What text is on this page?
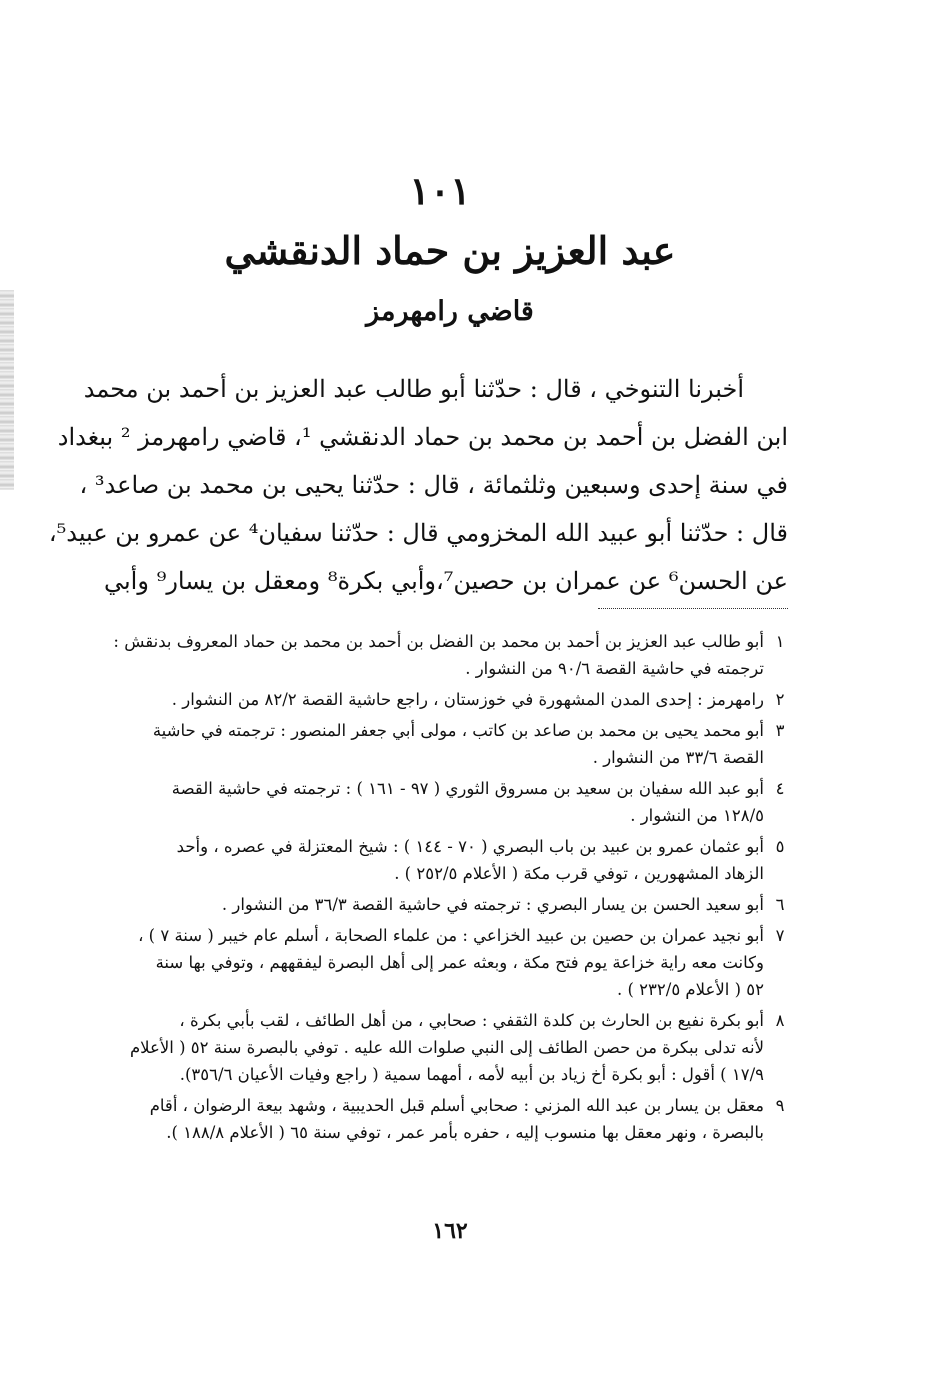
١٠١
عبد العزيز بن حماد الدنقشي
قاضي رامهرمز
أخبرنا التنوخي ، قال : حدّثنا أبو طالب عبد العزيز بن أحمد بن محمد
ابن الفضل بن أحمد بن محمد بن حماد الدنقشي ¹، قاضي رامهرمز ² ببغداد
في سنة إحدى وسبعين وثلثمائة ، قال : حدّثنا يحيى بن محمد بن صاعد³ ،
قال : حدّثنا أبو عبيد الله المخزومي قال : حدّثنا سفيان⁴ عن عمرو بن عبيد⁵،
عن الحسن⁶ عن عمران بن حصين⁷،وأبي بكرة⁸ ومعقل بن يسار⁹ وأبي
١
أبو طالب عبد العزيز بن أحمد بن محمد بن الفضل بن أحمد بن محمد بن حماد المعروف بدنقش :
ترجمته في حاشية القصة ٩٠/٦ من النشوار .
٢
رامهرمز : إحدى المدن المشهورة في خوزستان ، راجع حاشية القصة ٨٢/٢ من النشوار .
٣
أبو محمد يحيى بن محمد بن صاعد بن كاتب ، مولى أبي جعفر المنصور : ترجمته في حاشية
القصة ٣٣/٦ من النشوار .
٤
أبو عبد الله سفيان بن سعيد بن مسروق الثوري ( ٩٧ - ١٦١ ) : ترجمته في حاشية القصة
١٢٨/٥ من النشوار .
٥
أبو عثمان عمرو بن عبيد بن باب البصري ( ٧٠ - ١٤٤ ) : شيخ المعتزلة في عصره ، وأحد
الزهاد المشهورين ، توفي قرب مكة ( الأعلام ٢٥٢/٥ ) .
٦
أبو سعيد الحسن بن يسار البصري : ترجمته في حاشية القصة ٣٦/٣ من النشوار .
٧
أبو نجيد عمران بن حصين بن عبيد الخزاعي : من علماء الصحابة ، أسلم عام خيبر ( سنة ٧ ) ،
وكانت معه راية خزاعة يوم فتح مكة ، وبعثه عمر إلى أهل البصرة ليفقههم ، وتوفي بها سنة
٥٢ ( الأعلام ٢٣٢/٥ ) .
٨
أبو بكرة نفيع بن الحارث بن كلدة الثقفي : صحابي ، من أهل الطائف ، لقب بأبي بكرة ،
لأنه تدلى ببكرة من حصن الطائف إلى النبي صلوات الله عليه . توفي بالبصرة سنة ٥٢ ( الأعلام
١٧/٩ ) أقول : أبو بكرة أخ زياد بن أبيه لأمه ، أمهما سمية ( راجع وفيات الأعيان ٣٥٦/٦).
٩
معقل بن يسار بن عبد الله المزني : صحابي أسلم قبل الحديبية ، وشهد بيعة الرضوان ، أقام
بالبصرة ، ونهر معقل بها منسوب إليه ، حفره بأمر عمر ، توفي سنة ٦٥ ( الأعلام ١٨٨/٨ ).
١٦٢
